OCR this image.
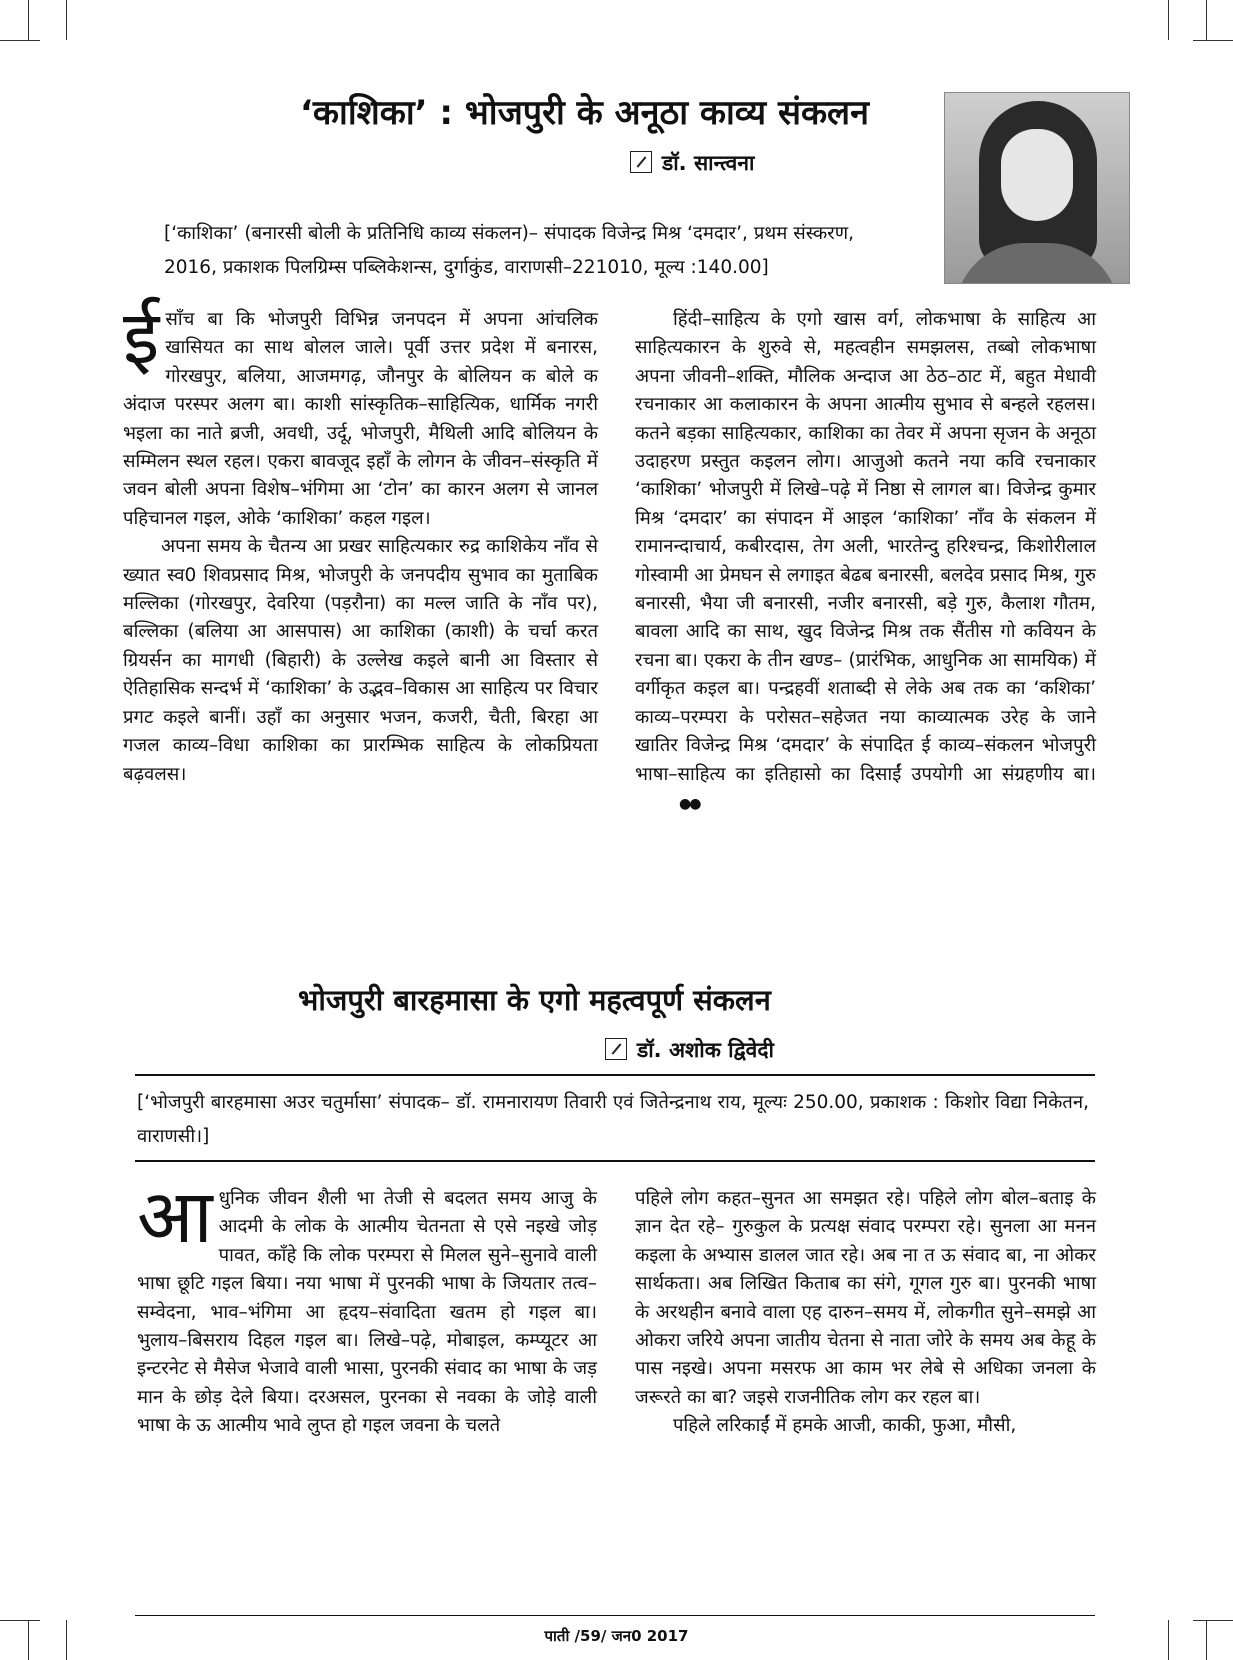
‘काशिका’ : भोजपुरी के अनूठा काव्य संकलन
डॉ. सान्त्वना
[‘काशिका’ (बनारसी बोली के प्रतिनिधि काव्य संकलन)– संपादक विजेन्द्र मिश्र ‘दमदार’, प्रथम संस्करण, 2016, प्रकाशक पिलग्रिम्स पब्लिकेशन्स, दुर्गाकुंड, वाराणसी–221010, मूल्य :140.00]

ईसाँच बा कि भोजपुरी विभिन्न जनपदन में अपना आंचलिक खासियत का साथ बोलल जाले। पूर्वी उत्तर प्रदेश में बनारस, गोरखपुर, बलिया, आजमगढ़, जौनपुर के बोलियन क बोले क अंदाज परस्पर अलग बा। काशी सांस्कृतिक–साहित्यिक, धार्मिक नगरी भइला का नाते ब्रजी, अवधी, उर्दू, भोजपुरी, मैथिली आदि बोलियन के सम्मिलन स्थल रहल। एकरा बावजूद इहाँ के लोगन के जीवन–संस्कृति में जवन बोली अपना विशेष–भंगिमा आ ‘टोन’ का कारन अलग से जानल पहिचानल गइल, ओके ‘काशिका’ कहल गइल।

अपना समय के चैतन्य आ प्रखर साहित्यकार रुद्र काशिकेय नाँव से ख्यात स्व0 शिवप्रसाद मिश्र, भोजपुरी के जनपदीय सुभाव का मुताबिक मल्लिका (गोरखपुर, देवरिया (पड़रौना) का मल्ल जाति के नाँव पर), बल्लिका (बलिया आ आसपास) आ काशिका (काशी) के चर्चा करत ग्रियर्सन का मागधी (बिहारी) के उल्लेख कइले बानी आ विस्तार से ऐतिहासिक सन्दर्भ में ‘काशिका’ के उद्भव–विकास आ साहित्य पर विचार प्रगट कइले बानीं। उहाँ का अनुसार भजन, कजरी, चैती, बिरहा आ गजल काव्य–विधा काशिका का प्रारम्भिक साहित्य के लोकप्रियता बढ़वलस।

हिंदी–साहित्य के एगो खास वर्ग, लोकभाषा के साहित्य आ साहित्यकारन के शुरुवे से, महत्वहीन समझलस, तब्बो लोकभाषा अपना जीवनी–शक्ति, मौलिक अन्दाज आ ठेठ–ठाट में, बहुत मेधावी रचनाकार आ कलाकारन के अपना आत्मीय सुभाव से बन्हले रहलस। कतने बड़का साहित्यकार, काशिका का तेवर में अपना सृजन के अनूठा उदाहरण प्रस्तुत कइलन लोग। आजुओ कतने नया कवि रचनाकार ‘काशिका’ भोजपुरी में लिखे–पढ़े में निष्ठा से लागल बा। विजेन्द्र कुमार मिश्र ‘दमदार’ का संपादन में आइल ‘काशिका’ नाँव के संकलन में रामानन्दाचार्य, कबीरदास, तेग अली, भारतेन्दु हरिश्चन्द्र, किशोरीलाल गोस्वामी आ प्रेमघन से लगाइत बेढब बनारसी, बलदेव प्रसाद मिश्र, गुरु बनारसी, भैया जी बनारसी, नजीर बनारसी, बड़े गुरु, कैलाश गौतम, बावला आदि का साथ, खुद विजेन्द्र मिश्र तक सैंतीस गो कवियन के रचना बा। एकरा के तीन खण्ड– (प्रारंभिक, आधुनिक आ सामयिक) में वर्गीकृत कइल बा। पन्द्रहवीं शताब्दी से लेके अब तक का ‘कशिका’ काव्य–परम्परा के परोसत–सहेजत नया काव्यात्मक उरेह के जाने खातिर विजेन्द्र मिश्र ‘दमदार’ के संपादित ई काव्य–संकलन भोजपुरी भाषा–साहित्य का इतिहासो का दिसाईं उपयोगी आ संग्रहणीय बा।●●

भोजपुरी बारहमासा के एगो महत्वपूर्ण संकलन
डॉ. अशोक द्विवेदी
[‘भोजपुरी बारहमासा अउर चतुर्मासा’ संपादक– डॉ. रामनारायण तिवारी एवं जितेन्द्रनाथ राय, मूल्यः 250.00, प्रकाशक : किशोर विद्या निकेतन, वाराणसी।]

आधुनिक जीवन शैली भा तेजी से बदलत समय आजु के आदमी के लोक के आत्मीय चेतनता से एसे नइखे जोड़ पावत, काँहे कि लोक परम्परा से मिलल सुने–सुनावे वाली भाषा छूटि गइल बिया। नया भाषा में पुरनकी भाषा के जियतार तत्व– सम्वेदना, भाव–भंगिमा आ हृदय–संवादिता खतम हो गइल बा। भुलाय–बिसराय दिहल गइल बा। लिखे–पढ़े, मोबाइल, कम्प्यूटर आ इन्टरनेट से मैसेज भेजावे वाली भासा, पुरनकी संवाद का भाषा के जड़ मान के छोड़ देले बिया। दरअसल, पुरनका से नवका के जोड़े वाली भाषा के ऊ आत्मीय भावे लुप्त हो गइल जवना के चलते

पहिले लोग कहत–सुनत आ समझत रहे। पहिले लोग बोल–बताइ के ज्ञान देत रहे– गुरुकुल के प्रत्यक्ष संवाद परम्परा रहे। सुनला आ मनन कइला के अभ्यास डालल जात रहे। अब ना त ऊ संवाद बा, ना ओकर सार्थकता। अब लिखित किताब का संगे, गूगल गुरु बा। पुरनकी भाषा के अरथहीन बनावे वाला एह दारुन–समय में, लोकगीत सुने–समझे आ ओकरा जरिये अपना जातीय चेतना से नाता जोरे के समय अब केहू के पास नइखे। अपना मसरफ आ काम भर लेबे से अधिका जनला के जरूरते का बा? जइसे राजनीतिक लोग कर रहल बा।

पहिले लरिकाईं में हमके आजी, काकी, फुआ, मौसी,

पाती /59/ जन0 2017
